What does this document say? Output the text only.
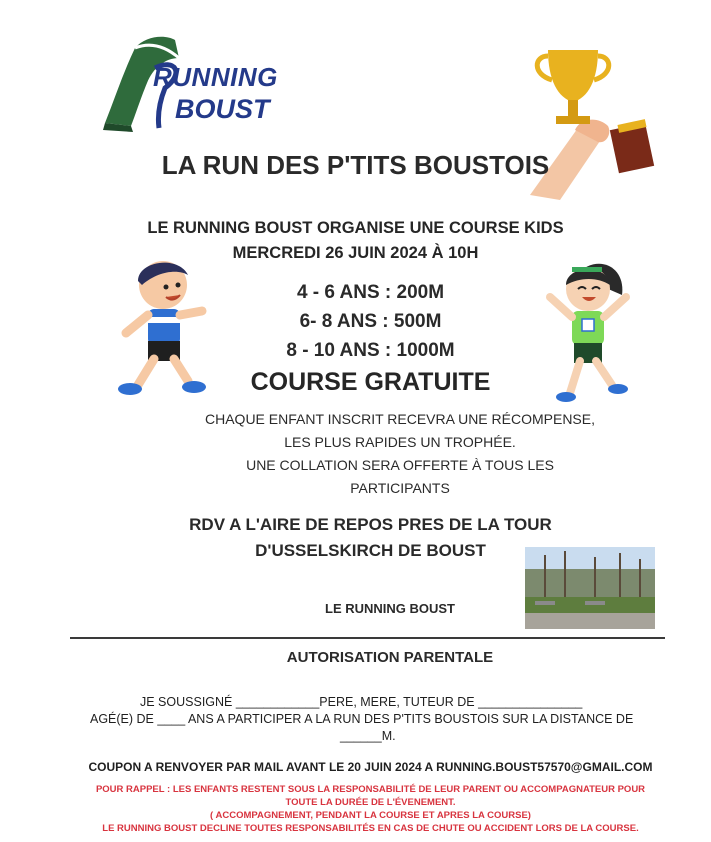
RUNNING
BOUST
LA RUN DES P'TITS BOUSTOIS
LE RUNNING BOUST ORGANISE UNE COURSE KIDS
MERCREDI 26 JUIN 2024 À 10H
4 - 6 ANS : 200M
6- 8 ANS : 500M
8 - 10 ANS : 1000M
COURSE GRATUITE
CHAQUE ENFANT INSCRIT RECEVRA UNE RÉCOMPENSE,
LES PLUS RAPIDES UN TROPHÉE.
UNE COLLATION SERA OFFERTE À TOUS LES
PARTICIPANTS
RDV A L'AIRE DE REPOS PRES DE LA TOUR
D'USSELSKIRCH DE BOUST
LE RUNNING BOUST
AUTORISATION PARENTALE
JE SOUSSIGNÉ ____________PERE, MERE, TUTEUR DE _______________
AGÉ(E) DE ____ ANS A PARTICIPER A LA RUN DES P'TITS BOUSTOIS SUR LA DISTANCE DE
______M.
COUPON A RENVOYER PAR MAIL AVANT LE 20 JUIN 2024 A RUNNING.BOUST57570@GMAIL.COM
POUR RAPPEL : LES ENFANTS RESTENT SOUS LA RESPONSABILITÉ DE LEUR PARENT OU ACCOMPAGNATEUR POUR
TOUTE LA DURÉE DE L'ÉVENEMENT.
( ACCOMPAGNEMENT, PENDANT LA COURSE ET APRES LA COURSE)
LE RUNNING BOUST DECLINE TOUTES RESPONSABILITÉS EN CAS DE CHUTE OU ACCIDENT LORS DE LA COURSE.
